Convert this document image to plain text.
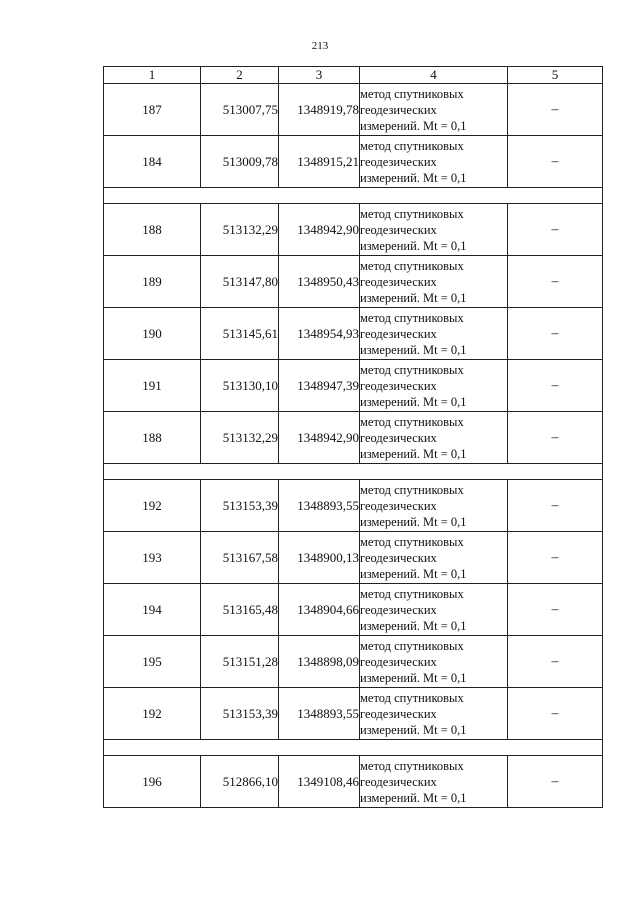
213
1	2	3	4	5
187	513007,75	1348919,78	метод спутниковых
геодезических
измерений. Mt = 0,1	–
184	513009,78	1348915,21	метод спутниковых
геодезических
измерений. Mt = 0,1	–

188	513132,29	1348942,90	метод спутниковых
геодезических
измерений. Mt = 0,1	–
189	513147,80	1348950,43	метод спутниковых
геодезических
измерений. Mt = 0,1	–
190	513145,61	1348954,93	метод спутниковых
геодезических
измерений. Mt = 0,1	–
191	513130,10	1348947,39	метод спутниковых
геодезических
измерений. Mt = 0,1	–
188	513132,29	1348942,90	метод спутниковых
геодезических
измерений. Mt = 0,1	–

192	513153,39	1348893,55	метод спутниковых
геодезических
измерений. Mt = 0,1	–
193	513167,58	1348900,13	метод спутниковых
геодезических
измерений. Mt = 0,1	–
194	513165,48	1348904,66	метод спутниковых
геодезических
измерений. Mt = 0,1	–
195	513151,28	1348898,09	метод спутниковых
геодезических
измерений. Mt = 0,1	–
192	513153,39	1348893,55	метод спутниковых
геодезических
измерений. Mt = 0,1	–

196	512866,10	1349108,46	метод спутниковых
геодезических
измерений. Mt = 0,1	–
